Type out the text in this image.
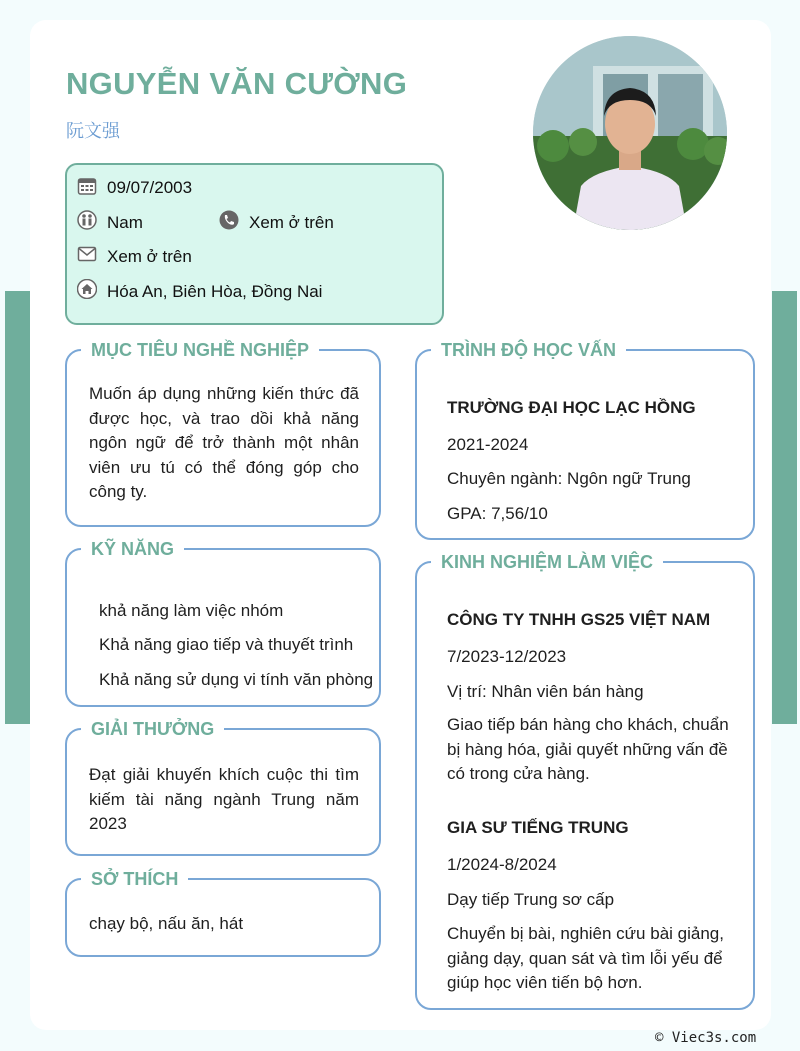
NGUYỄN VĂN CƯỜNG
阮文强
09/07/2003
Nam	Xem ở trên
Xem ở trên
Hóa An, Biên Hòa, Đồng Nai
MỤC TIÊU NGHỀ NGHIỆP
Muốn áp dụng những kiến thức đã được học, và trao dồi khả năng ngôn ngữ để trở thành một nhân viên ưu tú có thể đóng góp cho công ty.
KỸ NĂNG
khả năng làm việc nhóm
Khả năng giao tiếp và thuyết trình
Khả năng sử dụng vi tính văn phòng
GIẢI THƯỞNG
Đạt giải khuyến khích cuộc thi tìm kiếm tài năng ngành Trung năm 2023
SỞ THÍCH
chạy bộ, nấu ăn, hát
TRÌNH ĐỘ HỌC VẤN
TRƯỜNG ĐẠI HỌC LẠC HỒNG
2021-2024
Chuyên ngành: Ngôn ngữ Trung
GPA: 7,56/10
KINH NGHIỆM LÀM VIỆC
CÔNG TY TNHH GS25 VIỆT NAM
7/2023-12/2023
Vị trí: Nhân viên bán hàng
Giao tiếp bán hàng cho khách, chuẩn bị hàng hóa, giải quyết những vấn đề có trong cửa hàng.
GIA SƯ TIẾNG TRUNG
1/2024-8/2024
Dạy tiếp Trung sơ cấp
Chuyển bị bài, nghiên cứu bài giảng, giảng dạy, quan sát và tìm lỗi yếu để giúp học viên tiến bộ hơn.
© Viec3s.com
